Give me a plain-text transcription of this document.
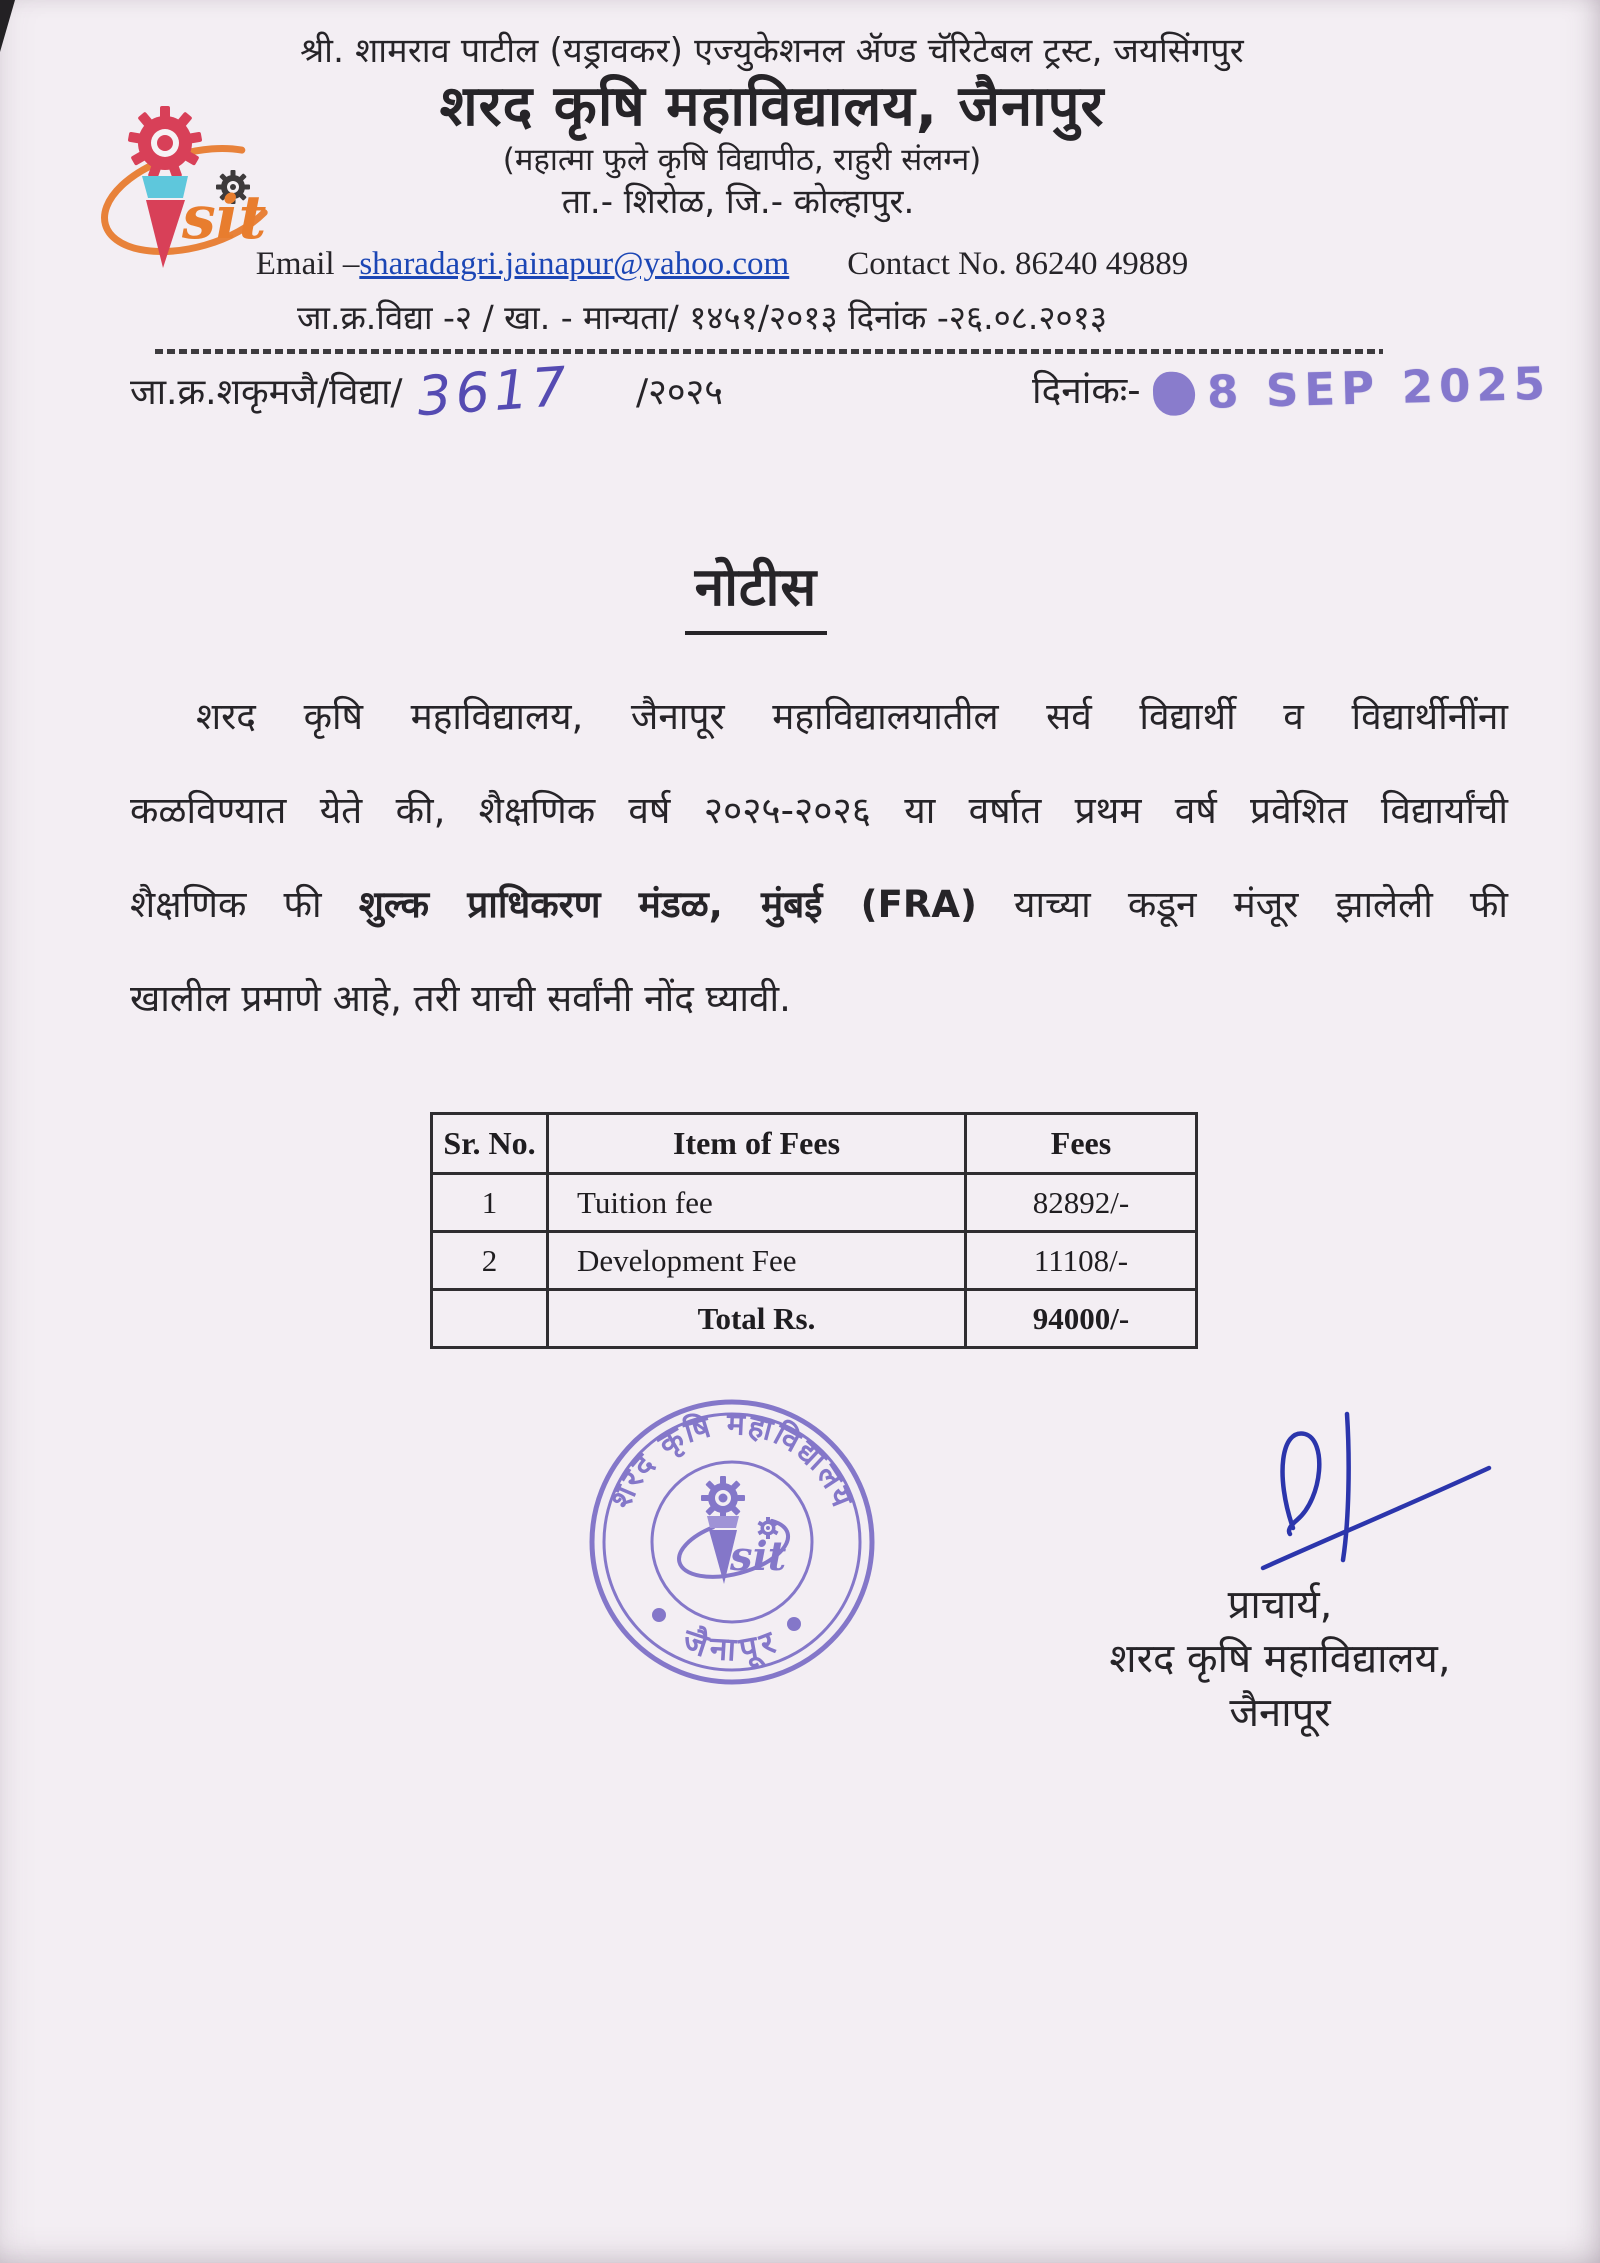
sit
श्री. शामराव पाटील (यड्रावकर) एज्युकेशनल ॲण्ड चॅरिटेबल ट्रस्ट, जयसिंगपुर
शरद कृषि महाविद्यालय, जैनापुर
(महात्मा फुले कृषि विद्यापीठ, राहुरी संलग्न)
ता.- शिरोळ, जि.- कोल्हापुर.
Email –sharadagri.jainapur@yahoo.com Contact No. 86240 49889
जा.क्र.विद्या -२ / खा. - मान्यता/ १४५१/२०१३ दिनांक -२६.०८.२०१३
जा.क्र.शकृमजै/विद्या/ 3617 /२०२५	दिनांकः- 8 SEP 2025
नोटीस
शरद कृषि महाविद्यालय, जैनापूर महाविद्यालयातील सर्व विद्यार्थी व विद्यार्थीनींना
कळविण्यात येते की, शैक्षणिक वर्ष २०२५-२०२६ या वर्षात प्रथम वर्ष प्रवेशित विद्यार्यांची
शैक्षणिक फी शुल्क प्राधिकरण मंडळ, मुंबई (FRA) याच्या कडून मंजूर झालेली फी
खालील प्रमाणे आहे, तरी याची सर्वांनी नोंद घ्यावी.
Sr. No.	Item of Fees	Fees
1	Tuition fee	82892/-
2	Development Fee	11108/-
	Total Rs.	94000/-
शरद कृषि महाविद्यालय
जैनापूर
sit
प्राचार्य,
शरद कृषि महाविद्यालय,
जैनापूर
